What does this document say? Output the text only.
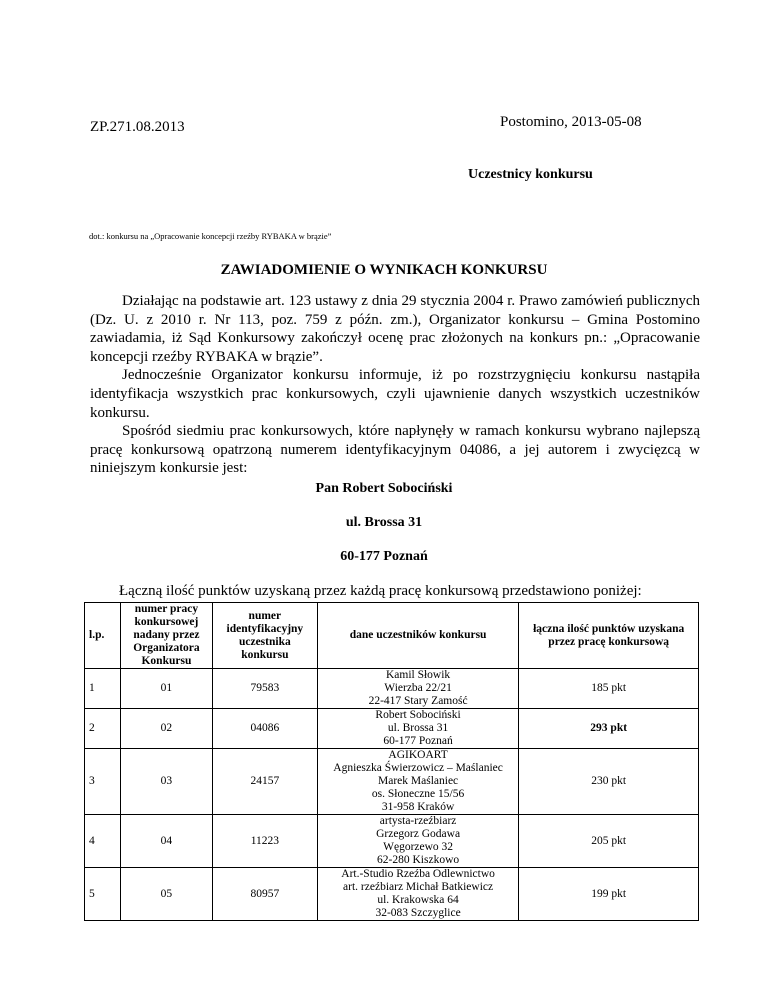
Postomino, 2013-05-08
ZP.271.08.2013
Uczestnicy konkursu
dot.: konkursu na „Opracowanie koncepcji rzeźby RYBAKA w brązie”
ZAWIADOMIENIE O WYNIKACH KONKURSU

Działając na podstawie art. 123 ustawy z dnia 29 stycznia 2004 r. Prawo zamówień publicznych (Dz. U. z 2010 r. Nr 113, poz. 759 z późn. zm.), Organizator konkursu – Gmina Postomino zawiadamia, iż Sąd Konkursowy zakończył ocenę prac złożonych na konkurs pn.: „Opracowanie koncepcji rzeźby RYBAKA w brązie”.

Jednocześnie Organizator konkursu informuje, iż po rozstrzygnięciu konkursu nastąpiła identyfikacja wszystkich prac konkursowych, czyli ujawnienie danych wszystkich uczestników konkursu.

Spośród siedmiu prac konkursowych, które napłynęły w ramach konkursu wybrano najlepszą pracę konkursową opatrzoną numerem identyfikacyjnym 04086, a jej autorem i zwycięzcą w niniejszym konkursie jest:

Pan Robert Sobociński
ul. Brossa 31
60-177 Poznań
Łączną ilość punktów uzyskaną przez każdą pracę konkursową przedstawiono poniżej:
l.p.	numer pracy konkursowej nadany przez Organizatora Konkursu	numer identyfikacyjny uczestnika konkursu	dane uczestników konkursu	łączna ilość punktów uzyskana przez pracę konkursową
1	01	79583	Kamil Słowik
Wierzba 22/21
22-417 Stary Zamość	185 pkt
2	02	04086	Robert Sobociński
ul. Brossa 31
60-177 Poznań	293 pkt
3	03	24157	AGIKOART
Agnieszka Świerzowicz – Maślaniec
Marek Maślaniec
os. Słoneczne 15/56
31-958 Kraków	230 pkt
4	04	11223	artysta-rzeźbiarz
Grzegorz Godawa
Węgorzewo 32
62-280 Kiszkowo	205 pkt
5	05	80957	Art.-Studio Rzeźba Odlewnictwo
art. rzeźbiarz Michał Batkiewicz
ul. Krakowska 64
32-083 Szczyglice	199 pkt
